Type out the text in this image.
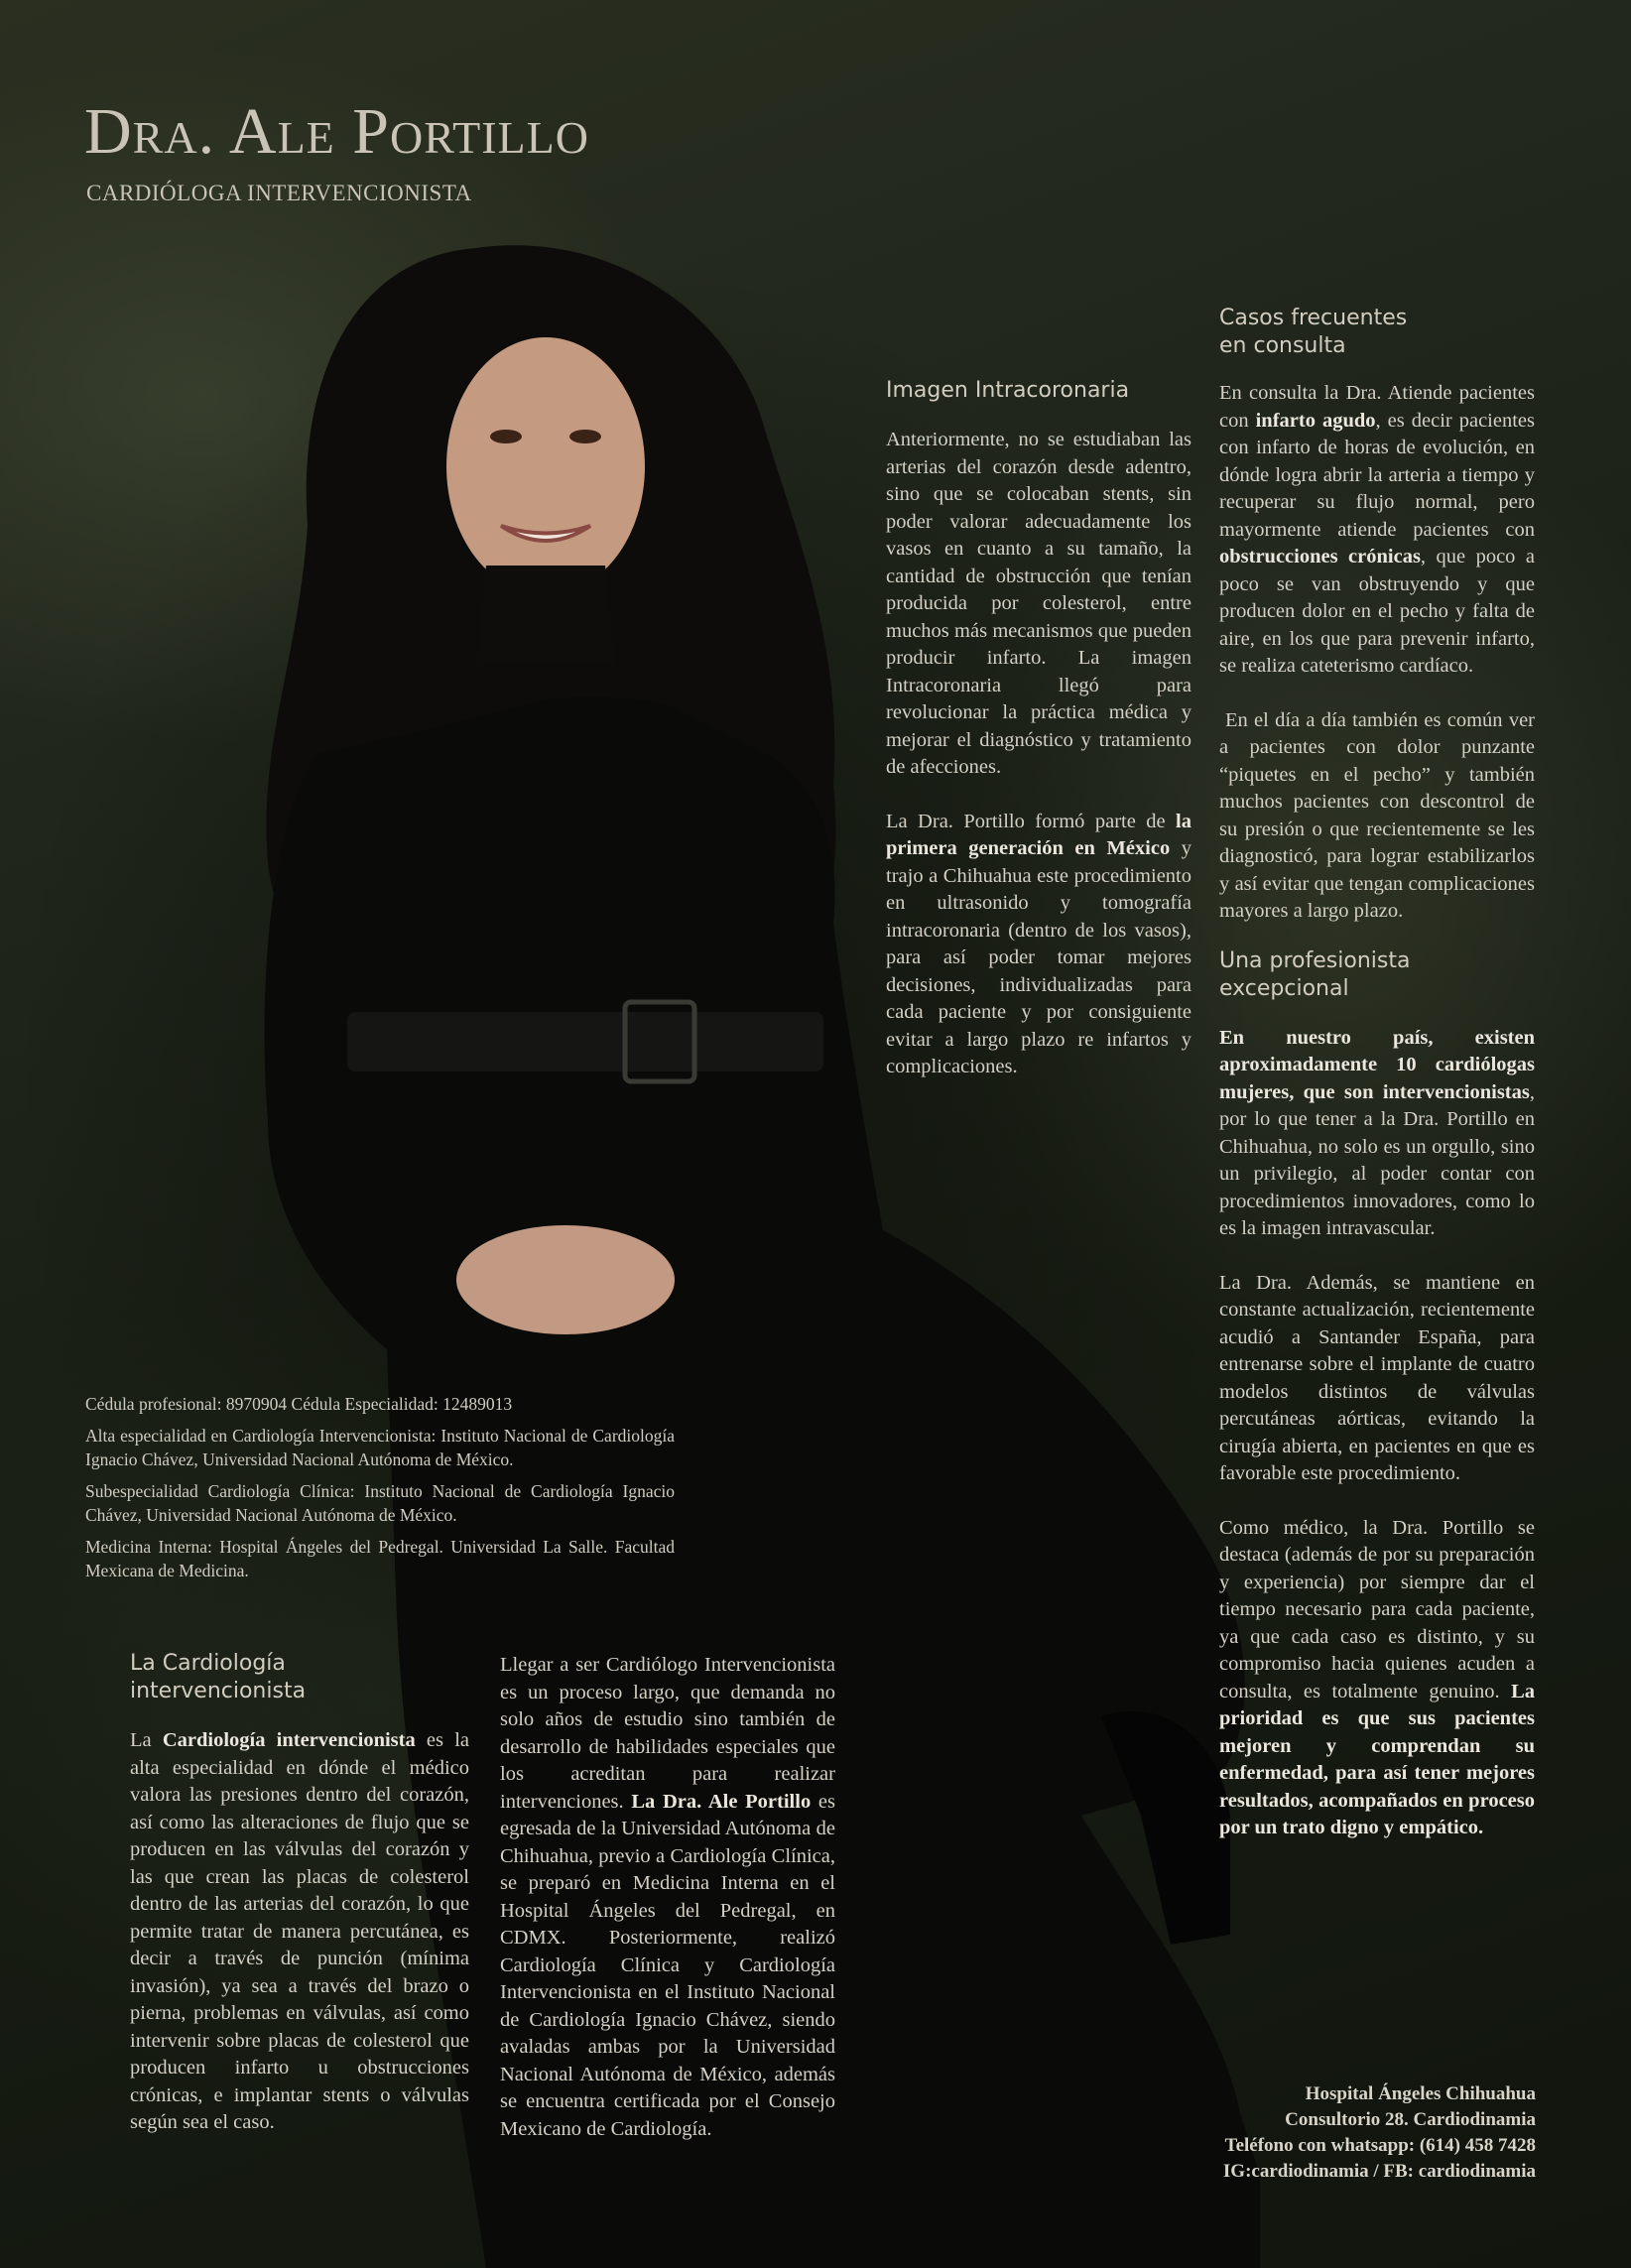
Dra. Ale Portillo
CARDIÓLOGA INTERVENCIONISTA

Cédula profesional: 8970904 Cédula Especialidad: 12489013

Alta especialidad en Cardiología Intervencionista: Instituto Nacional de Cardiología Ignacio Chávez, Universidad Nacional Autónoma de México.

Subespecialidad Cardiología Clínica: Instituto Nacional de Cardiología Ignacio Chávez, Universidad Nacional Autónoma de México.

Medicina Interna: Hospital Ángeles del Pedregal. Universidad La Salle. Facultad Mexicana de Medicina.

La Cardiología
intervencionista

La Cardiología intervencionista es la alta especialidad en dónde el médico valora las presiones dentro del corazón, así como las alteraciones de flujo que se producen en las válvulas del corazón y las que crean las placas de colesterol dentro de las arterias del corazón, lo que permite tratar de manera percutánea, es decir a través de punción (mínima invasión), ya sea a través del brazo o pierna, problemas en válvulas, así como intervenir sobre placas de colesterol que producen infarto u obstrucciones crónicas, e implantar stents o válvulas según sea el caso.

Llegar a ser Cardiólogo Intervencionista es un proceso largo, que demanda no solo años de estudio sino también de desarrollo de habilidades especiales que los acreditan para realizar intervenciones. La Dra. Ale Portillo es egresada de la Universidad Autónoma de Chihuahua, previo a Cardiología Clínica, se preparó en Medicina Interna en el Hospital Ángeles del Pedregal, en CDMX. Posteriormente, realizó Cardiología Clínica y Cardiología Intervencionista en el Instituto Nacional de Cardiología Ignacio Chávez, siendo avaladas ambas por la Universidad Nacional Autónoma de México, además se encuentra certificada por el Consejo Mexicano de Cardiología.

Imagen Intracoronaria

Anteriormente, no se estudiaban las arterias del corazón desde adentro, sino que se colocaban stents, sin poder valorar adecuadamente los vasos en cuanto a su tamaño, la cantidad de obstrucción que tenían producida por colesterol, entre muchos más mecanismos que pueden producir infarto. La imagen Intracoronaria llegó para revolucionar la práctica médica y mejorar el diagnóstico y tratamiento de afecciones.

La Dra. Portillo formó parte de la primera generación en México y trajo a Chihuahua este procedimiento en ultrasonido y tomografía intracoronaria (dentro de los vasos), para así poder tomar mejores decisiones, individualizadas para cada paciente y por consiguiente evitar a largo plazo re infartos y complicaciones.

Casos frecuentes
en consulta

En consulta la Dra. Atiende pacientes con infarto agudo, es decir pacientes con infarto de horas de evolución, en dónde logra abrir la arteria a tiempo y recuperar su flujo normal, pero mayormente atiende pacientes con obstrucciones crónicas, que poco a poco se van obstruyendo y que producen dolor en el pecho y falta de aire, en los que para prevenir infarto, se realiza cateterismo cardíaco.

En el día a día también es común ver a pacientes con dolor punzante “piquetes en el pecho” y también muchos pacientes con descontrol de su presión o que recientemente se les diagnosticó, para lograr estabilizarlos y así evitar que tengan complicaciones mayores a largo plazo.

Una profesionista
excepcional

En nuestro país, existen aproximadamente 10 cardiólogas mujeres, que son intervencionistas, por lo que tener a la Dra. Portillo en Chihuahua, no solo es un orgullo, sino un privilegio, al poder contar con procedimientos innovadores, como lo es la imagen intravascular.

La Dra. Además, se mantiene en constante actualización, recientemente acudió a Santander España, para entrenarse sobre el implante de cuatro modelos distintos de válvulas percutáneas aórticas, evitando la cirugía abierta, en pacientes en que es favorable este procedimiento.

Como médico, la Dra. Portillo se destaca (además de por su preparación y experiencia) por siempre dar el tiempo necesario para cada paciente, ya que cada caso es distinto, y su compromiso hacia quienes acuden a consulta, es totalmente genuino. La prioridad es que sus pacientes mejoren y comprendan su enfermedad, para así tener mejores resultados, acompañados en proceso por un trato digno y empático.

Hospital Ángeles Chihuahua
Consultorio 28. Cardiodinamia
Teléfono con whatsapp: (614) 458 7428
IG:cardiodinamia / FB: cardiodinamia
